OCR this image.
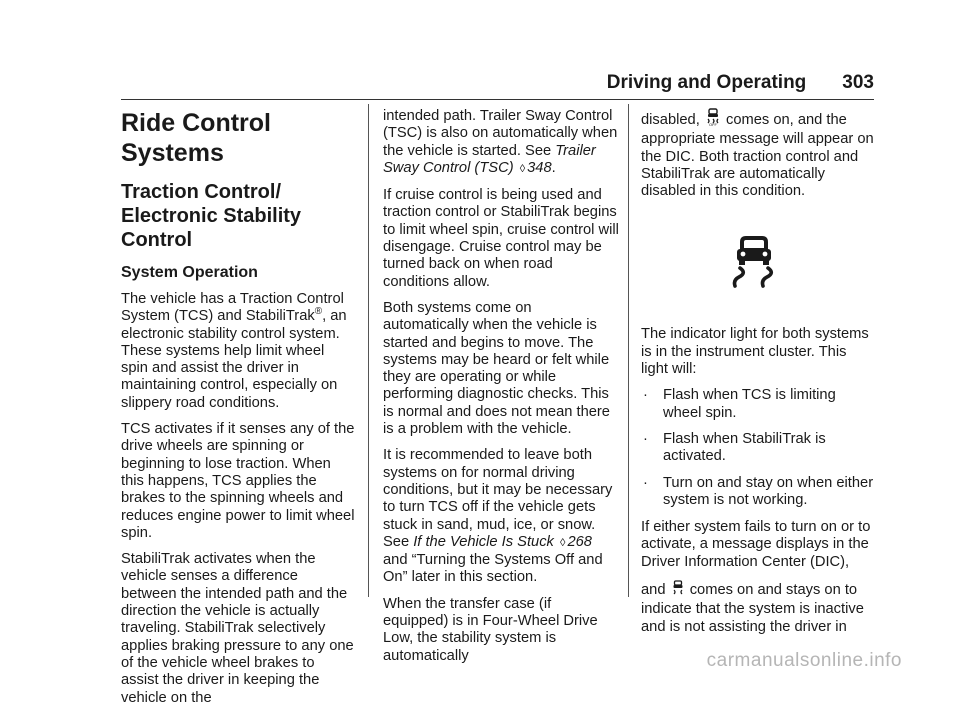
Driving and Operating 303
Ride Control Systems
Traction Control/
Electronic Stability
Control
System Operation

The vehicle has a Traction Control System (TCS) and StabiliTrak®, an electronic stability control system. These systems help limit wheel spin and assist the driver in maintaining control, especially on slippery road conditions.

TCS activates if it senses any of the drive wheels are spinning or beginning to lose traction. When this happens, TCS applies the brakes to the spinning wheels and reduces engine power to limit wheel spin.

StabiliTrak activates when the vehicle senses a difference between the intended path and the direction the vehicle is actually traveling. StabiliTrak selectively applies braking pressure to any one of the vehicle wheel brakes to assist the driver in keeping the vehicle on the

intended path. Trailer Sway Control (TSC) is also on automatically when the vehicle is started. See Trailer Sway Control (TSC) ◊ 348.

If cruise control is being used and traction control or StabiliTrak begins to limit wheel spin, cruise control will disengage. Cruise control may be turned back on when road conditions allow.

Both systems come on automatically when the vehicle is started and begins to move. The systems may be heard or felt while they are operating or while performing diagnostic checks. This is normal and does not mean there is a problem with the vehicle.

It is recommended to leave both systems on for normal driving conditions, but it may be necessary to turn TCS off if the vehicle gets stuck in sand, mud, ice, or snow. See If the Vehicle Is Stuck ◊ 268 and “Turning the Systems Off and On” later in this section.

When the transfer case (if equipped) is in Four-Wheel Drive Low, the stability system is automatically

disabled, OFF comes on, and the appropriate message will appear on the DIC. Both traction control and StabiliTrak are automatically disabled in this condition.

The indicator light for both systems is in the instrument cluster. This light will:

· Flash when TCS is limiting wheel spin.
· Flash when StabiliTrak is activated.
· Turn on and stay on when either system is not working.

If either system fails to turn on or to activate, a message displays in the Driver Information Center (DIC),

and comes on and stays on to indicate that the system is inactive and is not assisting the driver in

carmanualsonline.info
